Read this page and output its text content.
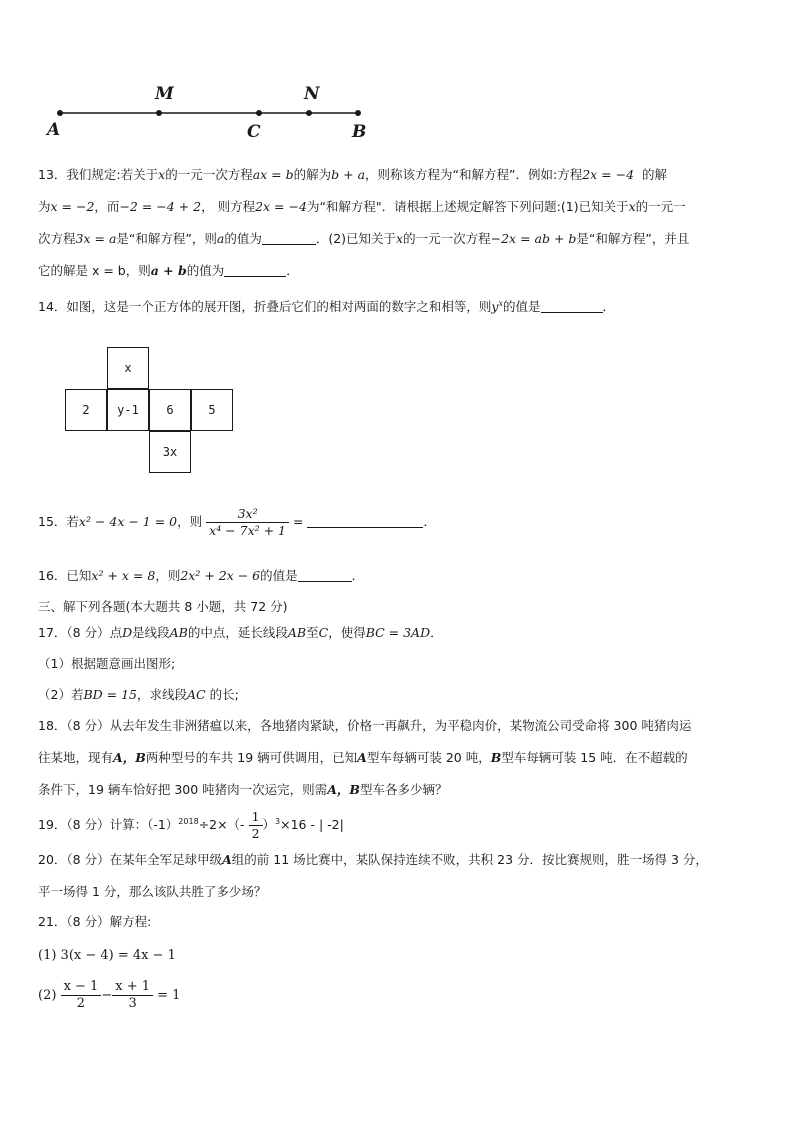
A
M
C
N
B
13．我们规定:若关于x的一元一次方程ax = b的解为b + a，则称该方程为“和解方程”．例如:方程2x = −4 的解
为x = −2，而−2 = −4 + 2， 则方程2x = −4为“和解方程"．请根据上述规定解答下列问题:(1)已知关于x的一元一
次方程3x = a是“和解方程”，则a的值为	．(2)已知关于x的一元一次方程−2x = ab + b是“和解方程”，并且
它的解是 x = b，则a + b的值为	．
14．如图，这是一个正方体的展开图，折叠后它们的相对两面的数字之和相等，则$y^x$的值是	．
x
2	y-1	6	5
3x
15．若x² − 4x − 1 = 0，则 $\frac{\text{3x²}}{\text{x⁴ − 7x² + 1}}$ =	．
16．已知x² + x = 8，则2x² + 2x − 6的值是	．
三、解下列各题(本大题共 8 小题，共 72 分)
17．（8 分）点D是线段AB的中点，延长线段AB至C，使得BC = 3AD．
（1）根据题意画出图形;
（2）若BD = 15，求线段AC 的长;
18．（8 分）从去年发生非洲猪瘟以来，各地猪肉紧缺，价格一再飙升，为平稳肉价，某物流公司受命将 300 吨猪肉运
往某地，现有A，B两种型号的车共 19 辆可供调用，已知A型车每辆可装 20 吨，B型车每辆可装 15 吨．在不超载的
条件下，19 辆车恰好把 300 吨猪肉一次运完，则需A，B型车各多少辆？
19．（8 分）计算：$(-1)^{2018}\div 2\times(- \frac{1}{2} )^3\times 16$ - | -2|
20．（8 分）在某年全军足球甲级A组的前 11 场比赛中，某队保持连续不败，共积 23 分．按比赛规则，胜一场得 3 分，
平一场得 1 分，那么该队共胜了多少场？
21．（8 分）解方程:
(1) 3(x − 4) = 4x − 1
$(2) \frac{x - 1}{2} - \frac{x + 1}{3} = 1$
